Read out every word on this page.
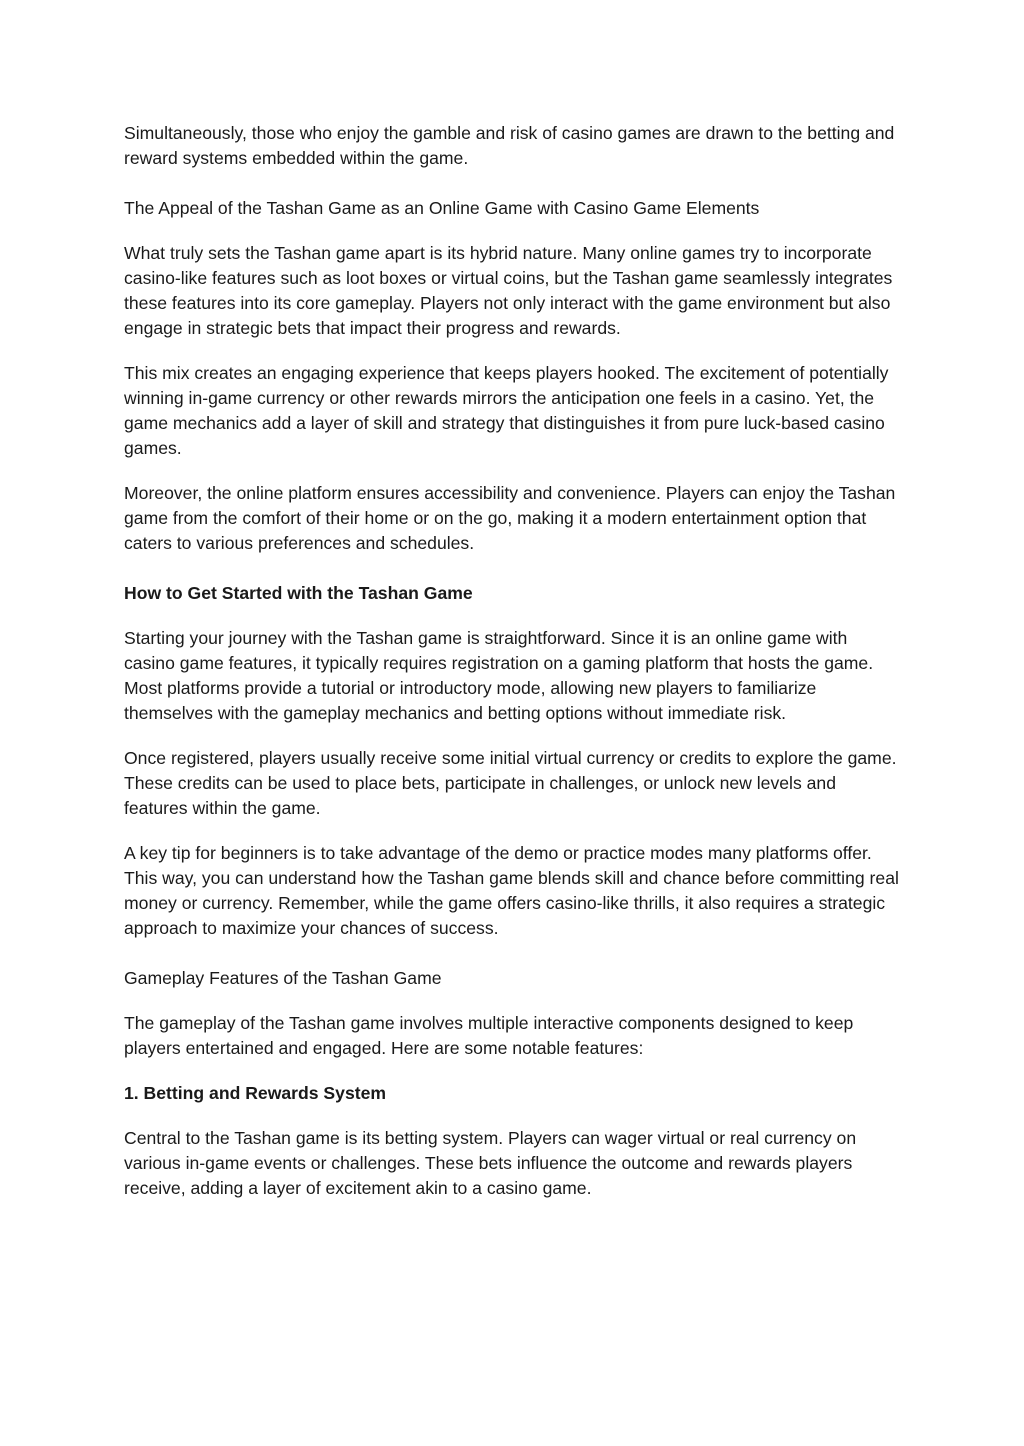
Simultaneously, those who enjoy the gamble and risk of casino games are drawn to the betting and reward systems embedded within the game.

The Appeal of the Tashan Game as an Online Game with Casino Game Elements

What truly sets the Tashan game apart is its hybrid nature. Many online games try to incorporate casino-like features such as loot boxes or virtual coins, but the Tashan game seamlessly integrates these features into its core gameplay. Players not only interact with the game environment but also engage in strategic bets that impact their progress and rewards.

This mix creates an engaging experience that keeps players hooked. The excitement of potentially winning in-game currency or other rewards mirrors the anticipation one feels in a casino. Yet, the game mechanics add a layer of skill and strategy that distinguishes it from pure luck-based casino games.

Moreover, the online platform ensures accessibility and convenience. Players can enjoy the Tashan game from the comfort of their home or on the go, making it a modern entertainment option that caters to various preferences and schedules.

How to Get Started with the Tashan Game

Starting your journey with the Tashan game is straightforward. Since it is an online game with casino game features, it typically requires registration on a gaming platform that hosts the game. Most platforms provide a tutorial or introductory mode, allowing new players to familiarize themselves with the gameplay mechanics and betting options without immediate risk.

Once registered, players usually receive some initial virtual currency or credits to explore the game. These credits can be used to place bets, participate in challenges, or unlock new levels and features within the game.

A key tip for beginners is to take advantage of the demo or practice modes many platforms offer. This way, you can understand how the Tashan game blends skill and chance before committing real money or currency. Remember, while the game offers casino-like thrills, it also requires a strategic approach to maximize your chances of success.

Gameplay Features of the Tashan Game

The gameplay of the Tashan game involves multiple interactive components designed to keep players entertained and engaged. Here are some notable features:

1. Betting and Rewards System

Central to the Tashan game is its betting system. Players can wager virtual or real currency on various in-game events or challenges. These bets influence the outcome and rewards players receive, adding a layer of excitement akin to a casino game.
